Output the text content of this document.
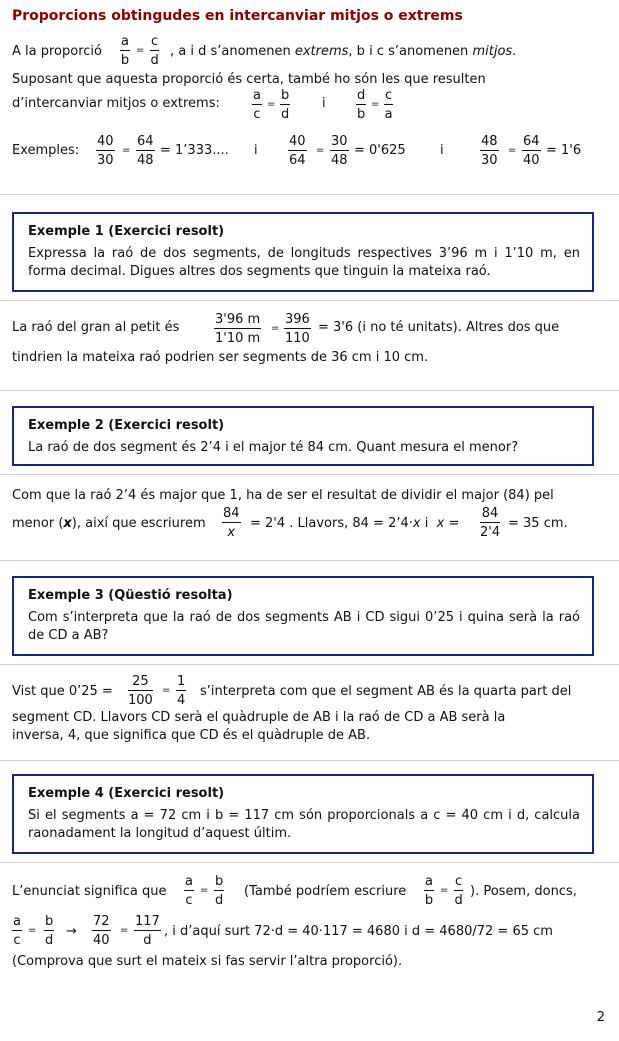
Proporcions obtingudes en intercanviar mitjos o extrems
A la proporció $\frac{a}{b} = \frac{c}{d}$ , a i d s’anomenen extrems, b i c s’anomenen mitjos.
Suposant que aquesta proporció és certa, també ho són les que resulten
d’intercanviar mitjos o extrems: $\frac{a}{c} = \frac{b}{d}$ i $\frac{d}{b} = \frac{c}{a}$
Exemples: $\frac{40}{30} = \frac{64}{48}$ = 1’333.... i $\frac{40}{64} = \frac{30}{48} = 0'625$	i	$\frac{48}{30} = \frac{64}{40} = 1'6$
Exemple 1 (Exercici resolt)
Expressa la raó de dos segments, de longituds respectives 3’96 m i 1’10 m, en forma decimal. Digues altres dos segments que tinguin la mateixa raó.
La raó del gran al petit és	$\frac{3'96 m}{1'10 m} = \frac{396}{110} = 3'6$ (i no té unitats). Altres dos que
tindrien la mateixa raó podrien ser segments de 36 cm i 10 cm.
Exemple 2 (Exercici resolt)
La raó de dos segment és 2’4 i el major té 84 cm. Quant mesura el menor?
Com que la raó 2’4 és major que 1, ha de ser el resultat de dividir el major (84) pel
menor (x), així que escriurem $\frac{84}{x} = 2'4$ . Llavors, 84 = 2’4·x i $x = \frac{84}{2'4} = 35$ cm.
Exemple 3 (Qüestió resolta)
Com s’interpreta que la raó de dos segments AB i CD sigui 0’25 i quina serà la raó de CD a AB?
Vist que 0’25 = $\frac{25}{100} = \frac{1}{4}$ s’interpreta com que el segment AB és la quarta part del
segment CD. Llavors CD serà el quàdruple de AB i la raó de CD a AB serà la
inversa, 4, que significa que CD és el quàdruple de AB.
Exemple 4 (Exercici resolt)
Si el segments a = 72 cm i b = 117 cm són proporcionals a c = 40 cm i d, calcula raonadament la longitud d’aquest últim.
L’enunciat significa que $\frac{a}{c} = \frac{b}{d}$ (També podríem escriure $\frac{a}{b} = \frac{c}{d}$ ). Posem, doncs,
$\frac{a}{c} = \frac{b}{d} \to \frac{72}{40} = \frac{117}{d}$ , i d’aquí surt 72·d = 40·117 = 4680 i d = 4680/72 = 65 cm
(Comprova que surt el mateix si fas servir l’altra proporció).
2
